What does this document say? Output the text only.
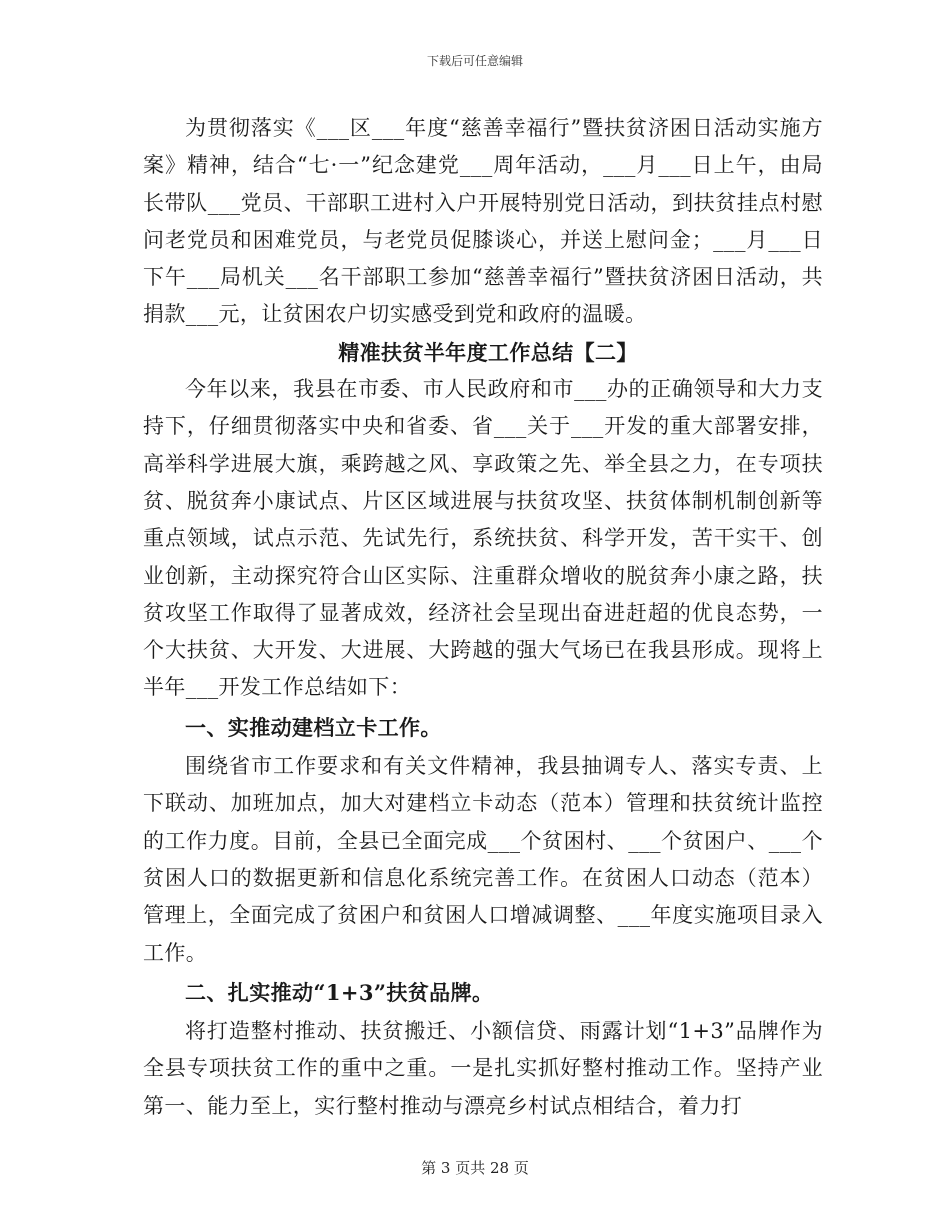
下载后可任意编辑

为贯彻落实《___区___年度“慈善幸福行”暨扶贫济困日活动实施方案》精神，结合“七·一”纪念建党___周年活动，___月___日上午，由局长带队___党员、干部职工进村入户开展特别党日活动，到扶贫挂点村慰问老党员和困难党员，与老党员促膝谈心，并送上慰问金；___月___日下午___局机关___名干部职工参加“慈善幸福行”暨扶贫济困日活动，共捐款___元，让贫困农户切实感受到党和政府的温暖。

精准扶贫半年度工作总结【二】

今年以来，我县在市委、市人民政府和市___办的正确领导和大力支持下，仔细贯彻落实中央和省委、省___关于___开发的重大部署安排，高举科学进展大旗，乘跨越之风、享政策之先、举全县之力，在专项扶贫、脱贫奔小康试点、片区区域进展与扶贫攻坚、扶贫体制机制创新等重点领域，试点示范、先试先行，系统扶贫、科学开发，苦干实干、创业创新，主动探究符合山区实际、注重群众增收的脱贫奔小康之路，扶贫攻坚工作取得了显著成效，经济社会呈现出奋进赶超的优良态势，一个大扶贫、大开发、大进展、大跨越的强大气场已在我县形成。现将上半年___开发工作总结如下：

一、实推动建档立卡工作。

围绕省市工作要求和有关文件精神，我县抽调专人、落实专责、上下联动、加班加点，加大对建档立卡动态（范本）管理和扶贫统计监控的工作力度。目前，全县已全面完成___个贫困村、___个贫困户、___个贫困人口的数据更新和信息化系统完善工作。在贫困人口动态（范本）管理上，全面完成了贫困户和贫困人口增减调整、___年度实施项目录入工作。

二、扎实推动“1+3”扶贫品牌。

将打造整村推动、扶贫搬迁、小额信贷、雨露计划“1+3”品牌作为全县专项扶贫工作的重中之重。一是扎实抓好整村推动工作。坚持产业第一、能力至上，实行整村推动与漂亮乡村试点相结合，着力打

第 3 页共 28 页
